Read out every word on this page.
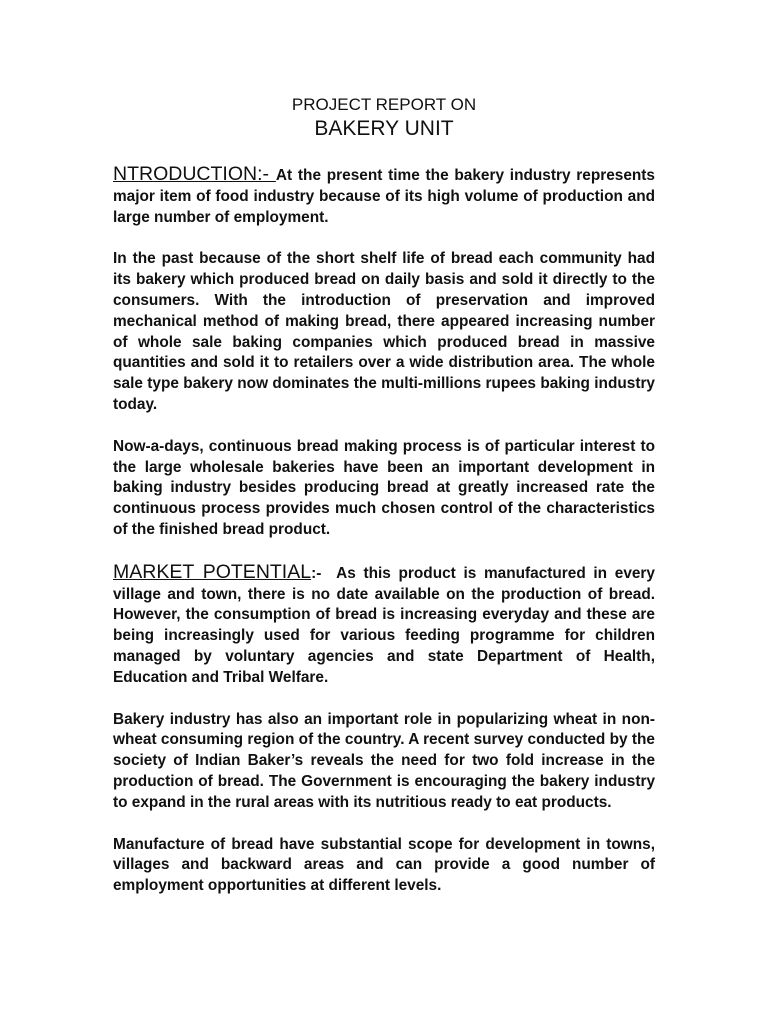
PROJECT REPORT ON
BAKERY UNIT

NTRODUCTION:- At the present time the bakery industry represents major item of food industry because of its high volume of production and large number of employment.

In the past because of the short shelf life of bread each community had its bakery which produced bread on daily basis and sold it directly to the consumers. With the introduction of preservation and improved mechanical method of making bread, there appeared increasing number of whole sale baking companies which produced bread in massive quantities and sold it to retailers over a wide distribution area. The whole sale type bakery now dominates the multi-millions rupees baking industry today.

Now-a-days, continuous bread making process is of particular interest to the large wholesale bakeries have been an important development in baking industry besides producing bread at greatly increased rate the continuous process provides much chosen control of the characteristics of the finished bread product.

MARKET POTENTIAL:-  As this product is manufactured in every village and town, there is no date available on the production of bread. However, the consumption of bread is increasing everyday and these are being increasingly used for various feeding programme for children managed by voluntary agencies and state Department of Health, Education and Tribal Welfare.

Bakery industry has also an important role in popularizing wheat in non-wheat consuming region of the country. A recent survey conducted by the society of Indian Baker’s reveals the need for two fold increase in the production of bread. The Government is encouraging the bakery industry to expand in the rural areas with its nutritious ready to eat products.

Manufacture of bread have substantial scope for development in towns, villages and backward areas and can provide a good number of employment opportunities at different levels.
